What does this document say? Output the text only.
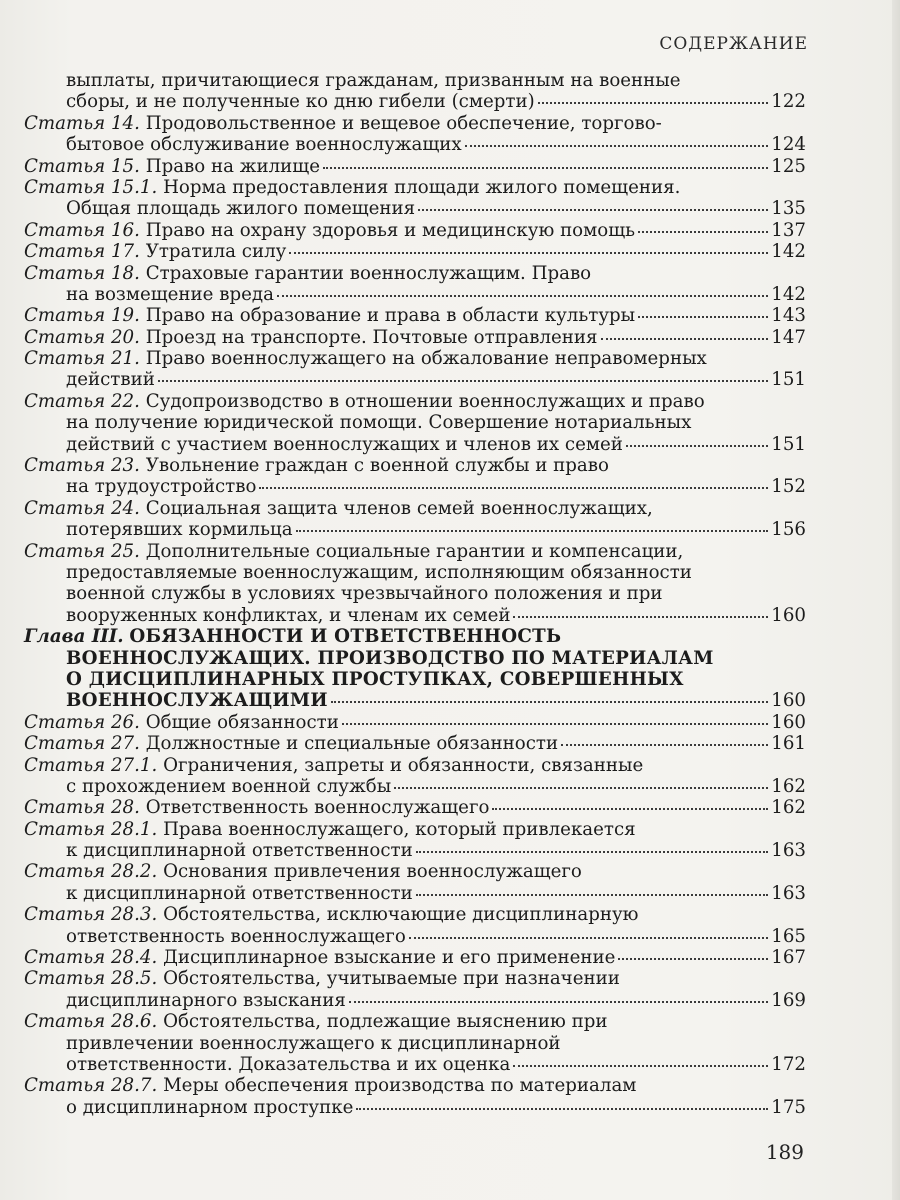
СОДЕРЖАНИЕ
выплаты, причитающиеся гражданам, призванным на военные
сборы, и не полученные ко дню гибели (смерти)	122
Статья 14. Продовольственное и вещевое обеспечение, торгово-
бытовое обслуживание военнослужащих	124
Статья 15. Право на жилище	125
Статья 15.1. Норма предоставления площади жилого помещения.
Общая площадь жилого помещения	135
Статья 16. Право на охрану здоровья и медицинскую помощь	137
Статья 17. Утратила силу	142
Статья 18. Страховые гарантии военнослужащим. Право
на возмещение вреда	142
Статья 19. Право на образование и права в области культуры	143
Статья 20. Проезд на транспорте. Почтовые отправления	147
Статья 21. Право военнослужащего на обжалование неправомерных
действий	151
Статья 22. Судопроизводство в отношении военнослужащих и право
на получение юридической помощи. Совершение нотариальных
действий с участием военнослужащих и членов их семей	151
Статья 23. Увольнение граждан с военной службы и право
на трудоустройство	152
Статья 24. Социальная защита членов семей военнослужащих,
потерявших кормильца	156
Статья 25. Дополнительные социальные гарантии и компенсации,
предоставляемые военнослужащим, исполняющим обязанности
военной службы в условиях чрезвычайного положения и при
вооруженных конфликтах, и членам их семей	160
Глава III. ОБЯЗАННОСТИ И ОТВЕТСТВЕННОСТЬ
ВОЕННОСЛУЖАЩИХ. ПРОИЗВОДСТВО ПО МАТЕРИАЛАМ
О ДИСЦИПЛИНАРНЫХ ПРОСТУПКАХ, СОВЕРШЕННЫХ
ВОЕННОСЛУЖАЩИМИ	160
Статья 26. Общие обязанности	160
Статья 27. Должностные и специальные обязанности	161
Статья 27.1. Ограничения, запреты и обязанности, связанные
с прохождением военной службы	162
Статья 28. Ответственность военнослужащего	162
Статья 28.1. Права военнослужащего, который привлекается
к дисциплинарной ответственности	163
Статья 28.2. Основания привлечения военнослужащего
к дисциплинарной ответственности	163
Статья 28.3. Обстоятельства, исключающие дисциплинарную
ответственность военнослужащего	165
Статья 28.4. Дисциплинарное взыскание и его применение	167
Статья 28.5. Обстоятельства, учитываемые при назначении
дисциплинарного взыскания	169
Статья 28.6. Обстоятельства, подлежащие выяснению при
привлечении военнослужащего к дисциплинарной
ответственности. Доказательства и их оценка	172
Статья 28.7. Меры обеспечения производства по материалам
о дисциплинарном проступке	175
189
